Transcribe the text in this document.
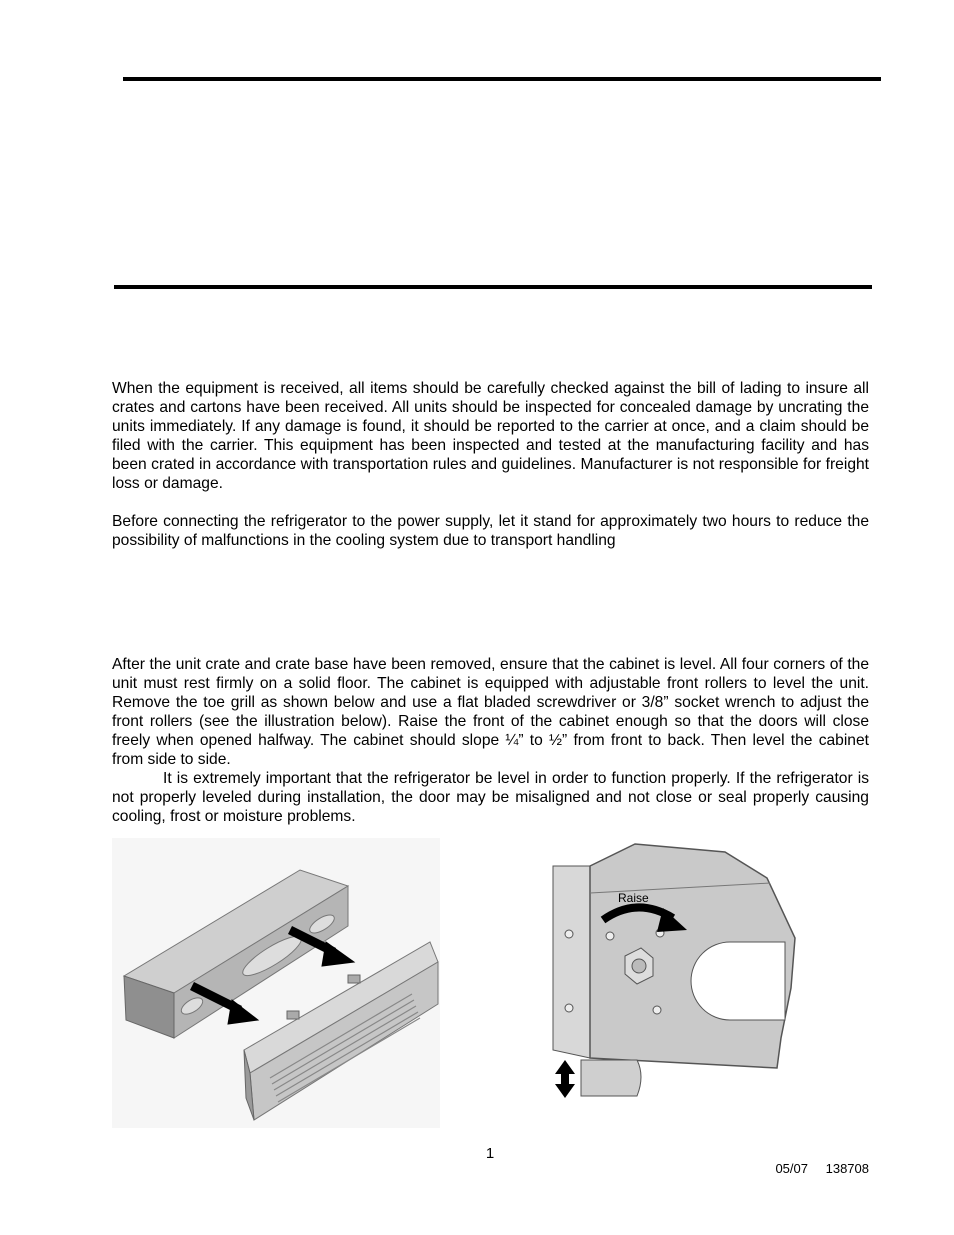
When the equipment is received, all items should be carefully checked against the bill of lading to insure all crates and cartons have been received. All units should be inspected for concealed damage by uncrating the units immediately. If any damage is found, it should be reported to the carrier at once, and a claim should be filed with the carrier. This equipment has been inspected and tested at the manufacturing facility and has been crated in accordance with transportation rules and guidelines. Manufacturer is not responsible for freight loss or damage.

Before connecting the refrigerator to the power supply, let it stand for approximately two hours to reduce the possibility of malfunctions in the cooling system due to transport handling

After the unit crate and crate base have been removed, ensure that the cabinet is level. All four corners of the unit must rest firmly on a solid floor. The cabinet is equipped with adjustable front rollers to level the unit. Remove the toe grill as shown below and use a flat bladed screwdriver or 3/8” socket wrench to adjust the front rollers (see the illustration below). Raise the front of the cabinet enough so that the doors will close freely when opened halfway. The cabinet should slope ¼” to ½” from front to back. Then level the cabinet from side to side.

It is extremely important that the refrigerator be level in order to function properly. If the refrigerator is not properly leveled during installation, the door may be misaligned and not close or seal properly causing cooling, frost or moisture problems.

Raise
1
05/07 138708
